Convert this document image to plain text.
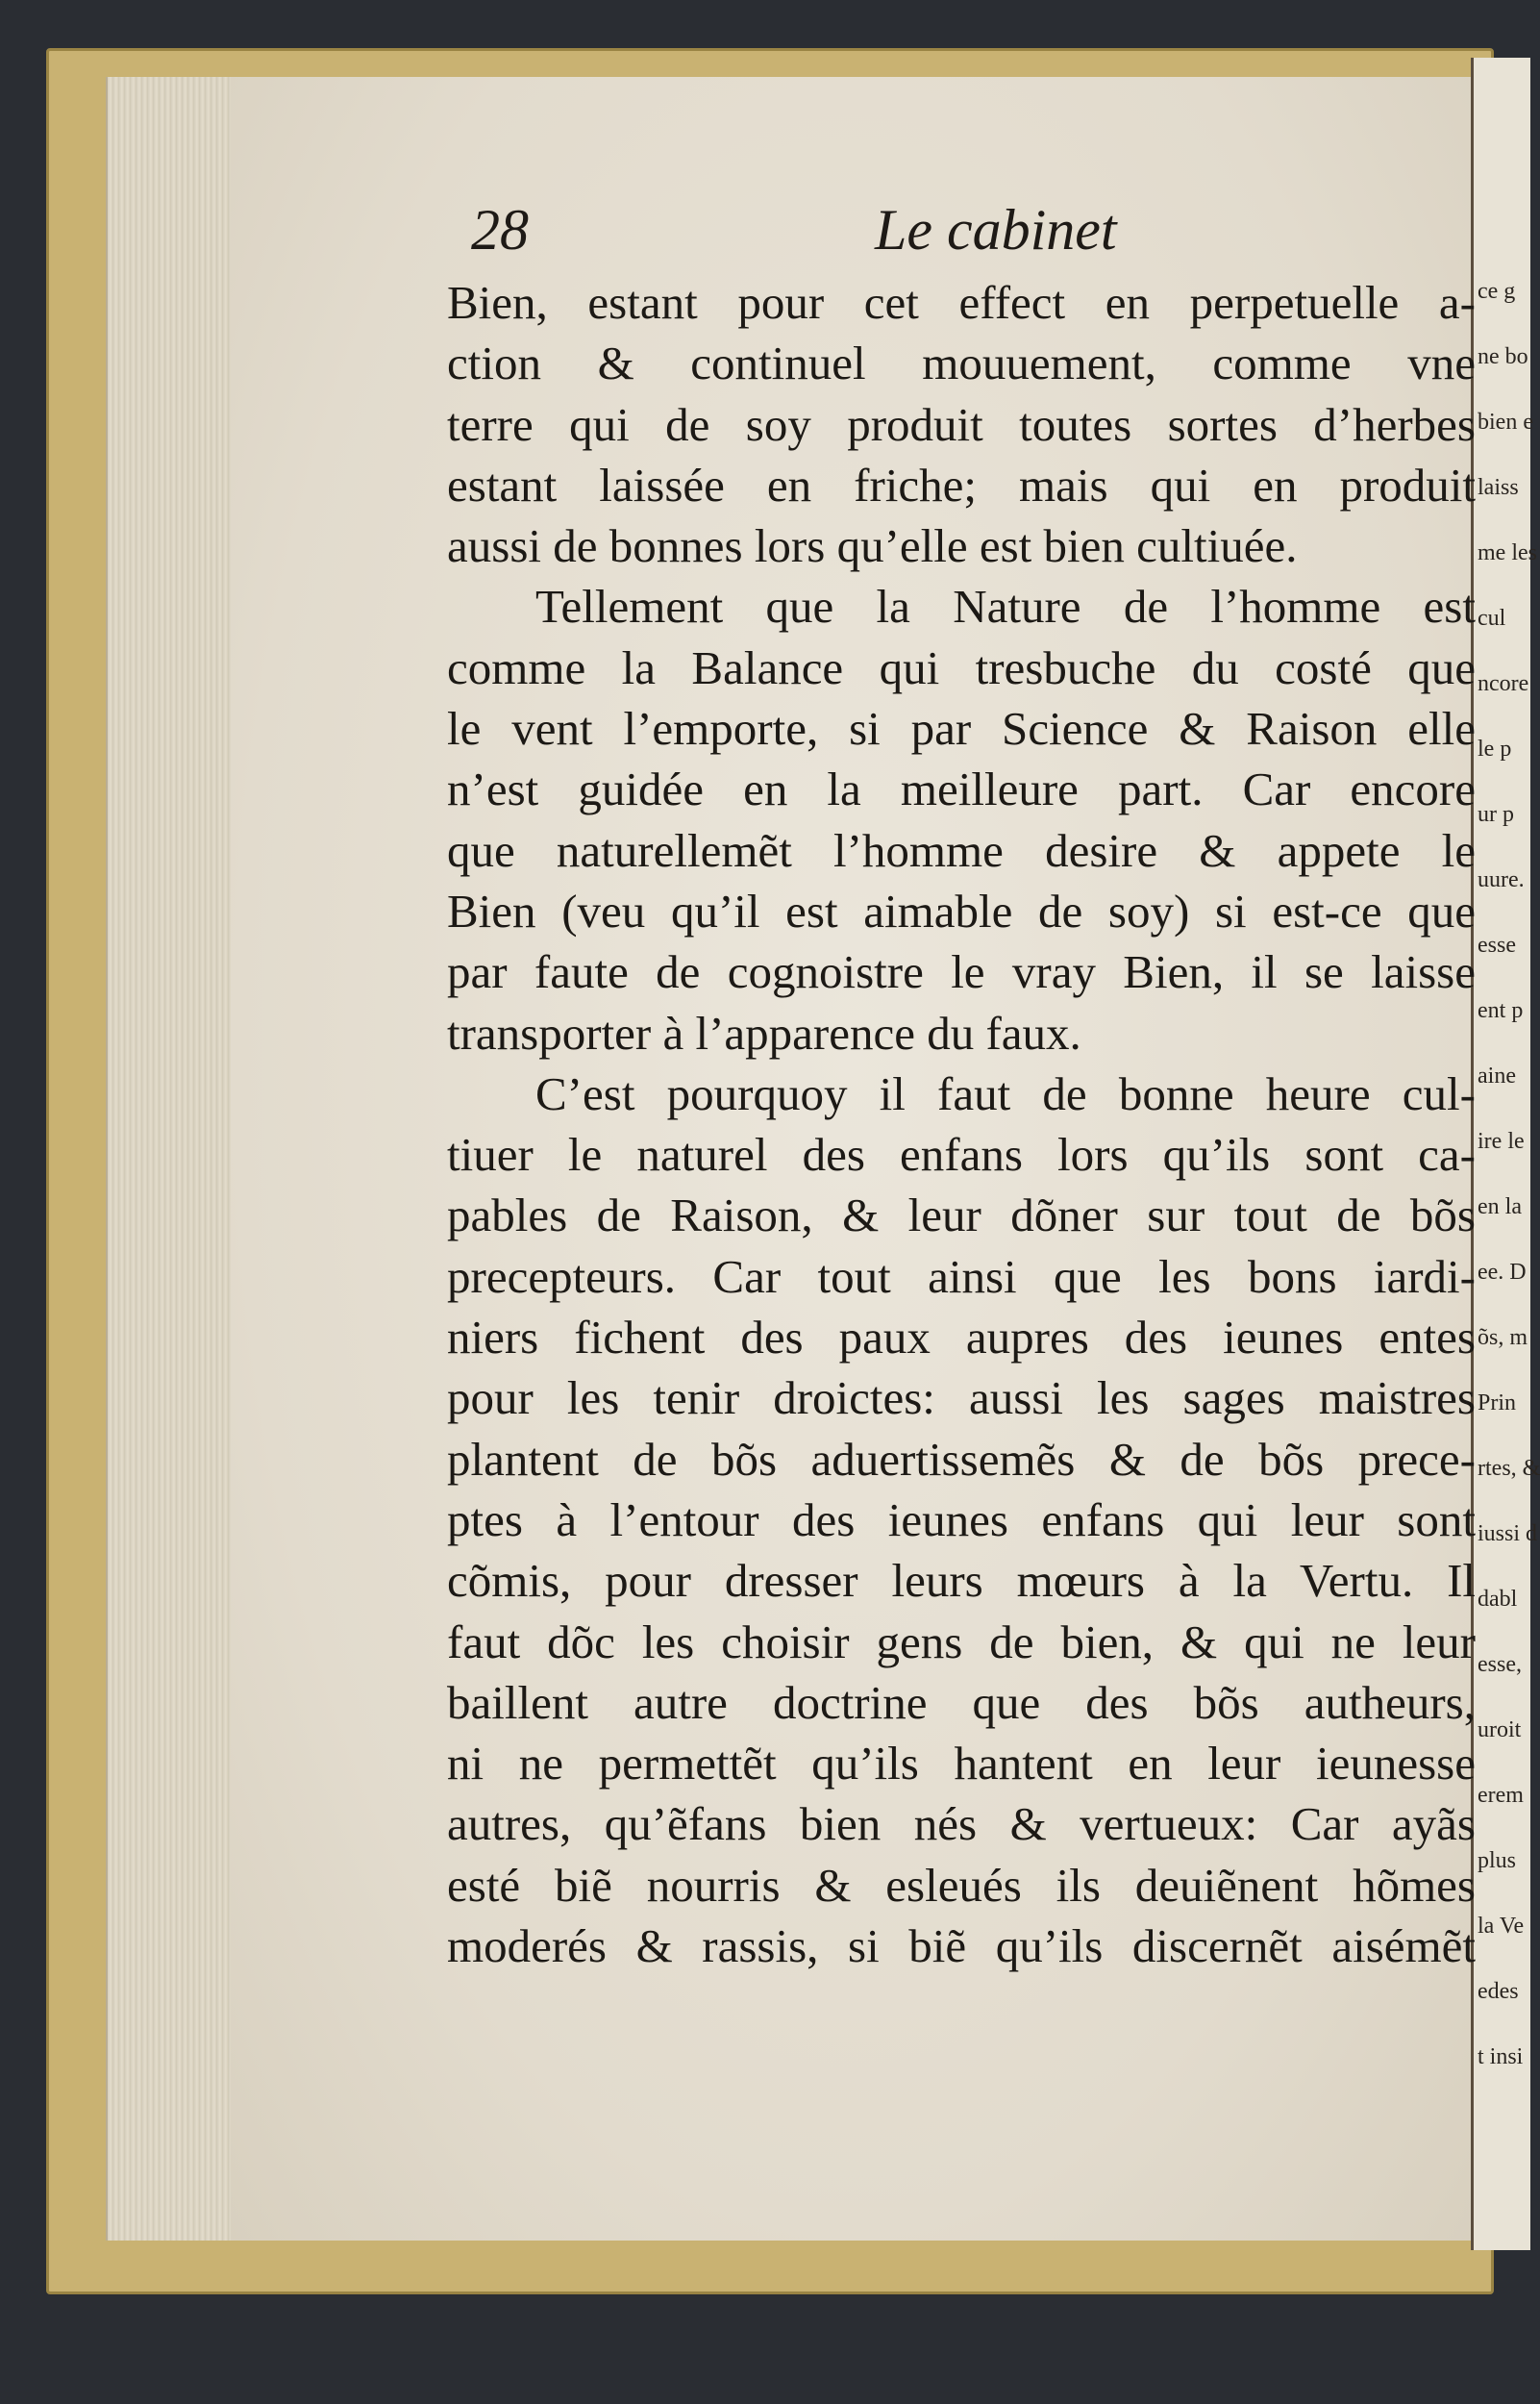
ce g
ne bo
bien e
laiss
me les
cul
ncore
le p
ur p
uure.
esse
ent p
aine
ire le
en la
ee. D
õs, m
Prin
rtes, &
iussi d
dabl
esse,
uroit
erem
plus
la Ve
edes
t insi
28	Le cabinet
Bien, estant pour cet effect en perpetuelle a-
ction & continuel mouuement, comme vne
terre qui de soy produit toutes sortes d’herbes
estant laissée en friche; mais qui en produit
aussi de bonnes lors qu’elle est bien cultiuée.
Tellement que la Nature de l’homme est
comme la Balance qui tresbuche du costé que
le vent l’emporte, si par Science & Raison elle
n’est guidée en la meilleure part. Car encore
que naturellemẽt l’homme desire & appete le
Bien (veu qu’il est aimable de soy) si est-ce que
par faute de cognoistre le vray Bien, il se laisse
transporter à l’apparence du faux.
C’est pourquoy il faut de bonne heure cul-
tiuer le naturel des enfans lors qu’ils sont ca-
pables de Raison, & leur dõner sur tout de bõs
precepteurs. Car tout ainsi que les bons iardi-
niers fichent des paux aupres des ieunes entes
pour les tenir droictes: aussi les sages maistres
plantent de bõs aduertissemẽs & de bõs prece-
ptes à l’entour des ieunes enfans qui leur sont
cõmis, pour dresser leurs mœurs à la Vertu. Il
faut dõc les choisir gens de bien, & qui ne leur
baillent autre doctrine que des bõs autheurs,
ni ne permettẽt qu’ils hantent en leur ieunesse
autres, qu’ẽfans bien nés & vertueux: Car ayãs
esté biẽ nourris & esleués ils deuiẽnent hõmes
moderés & rassis, si biẽ qu’ils discernẽt aisémẽt
